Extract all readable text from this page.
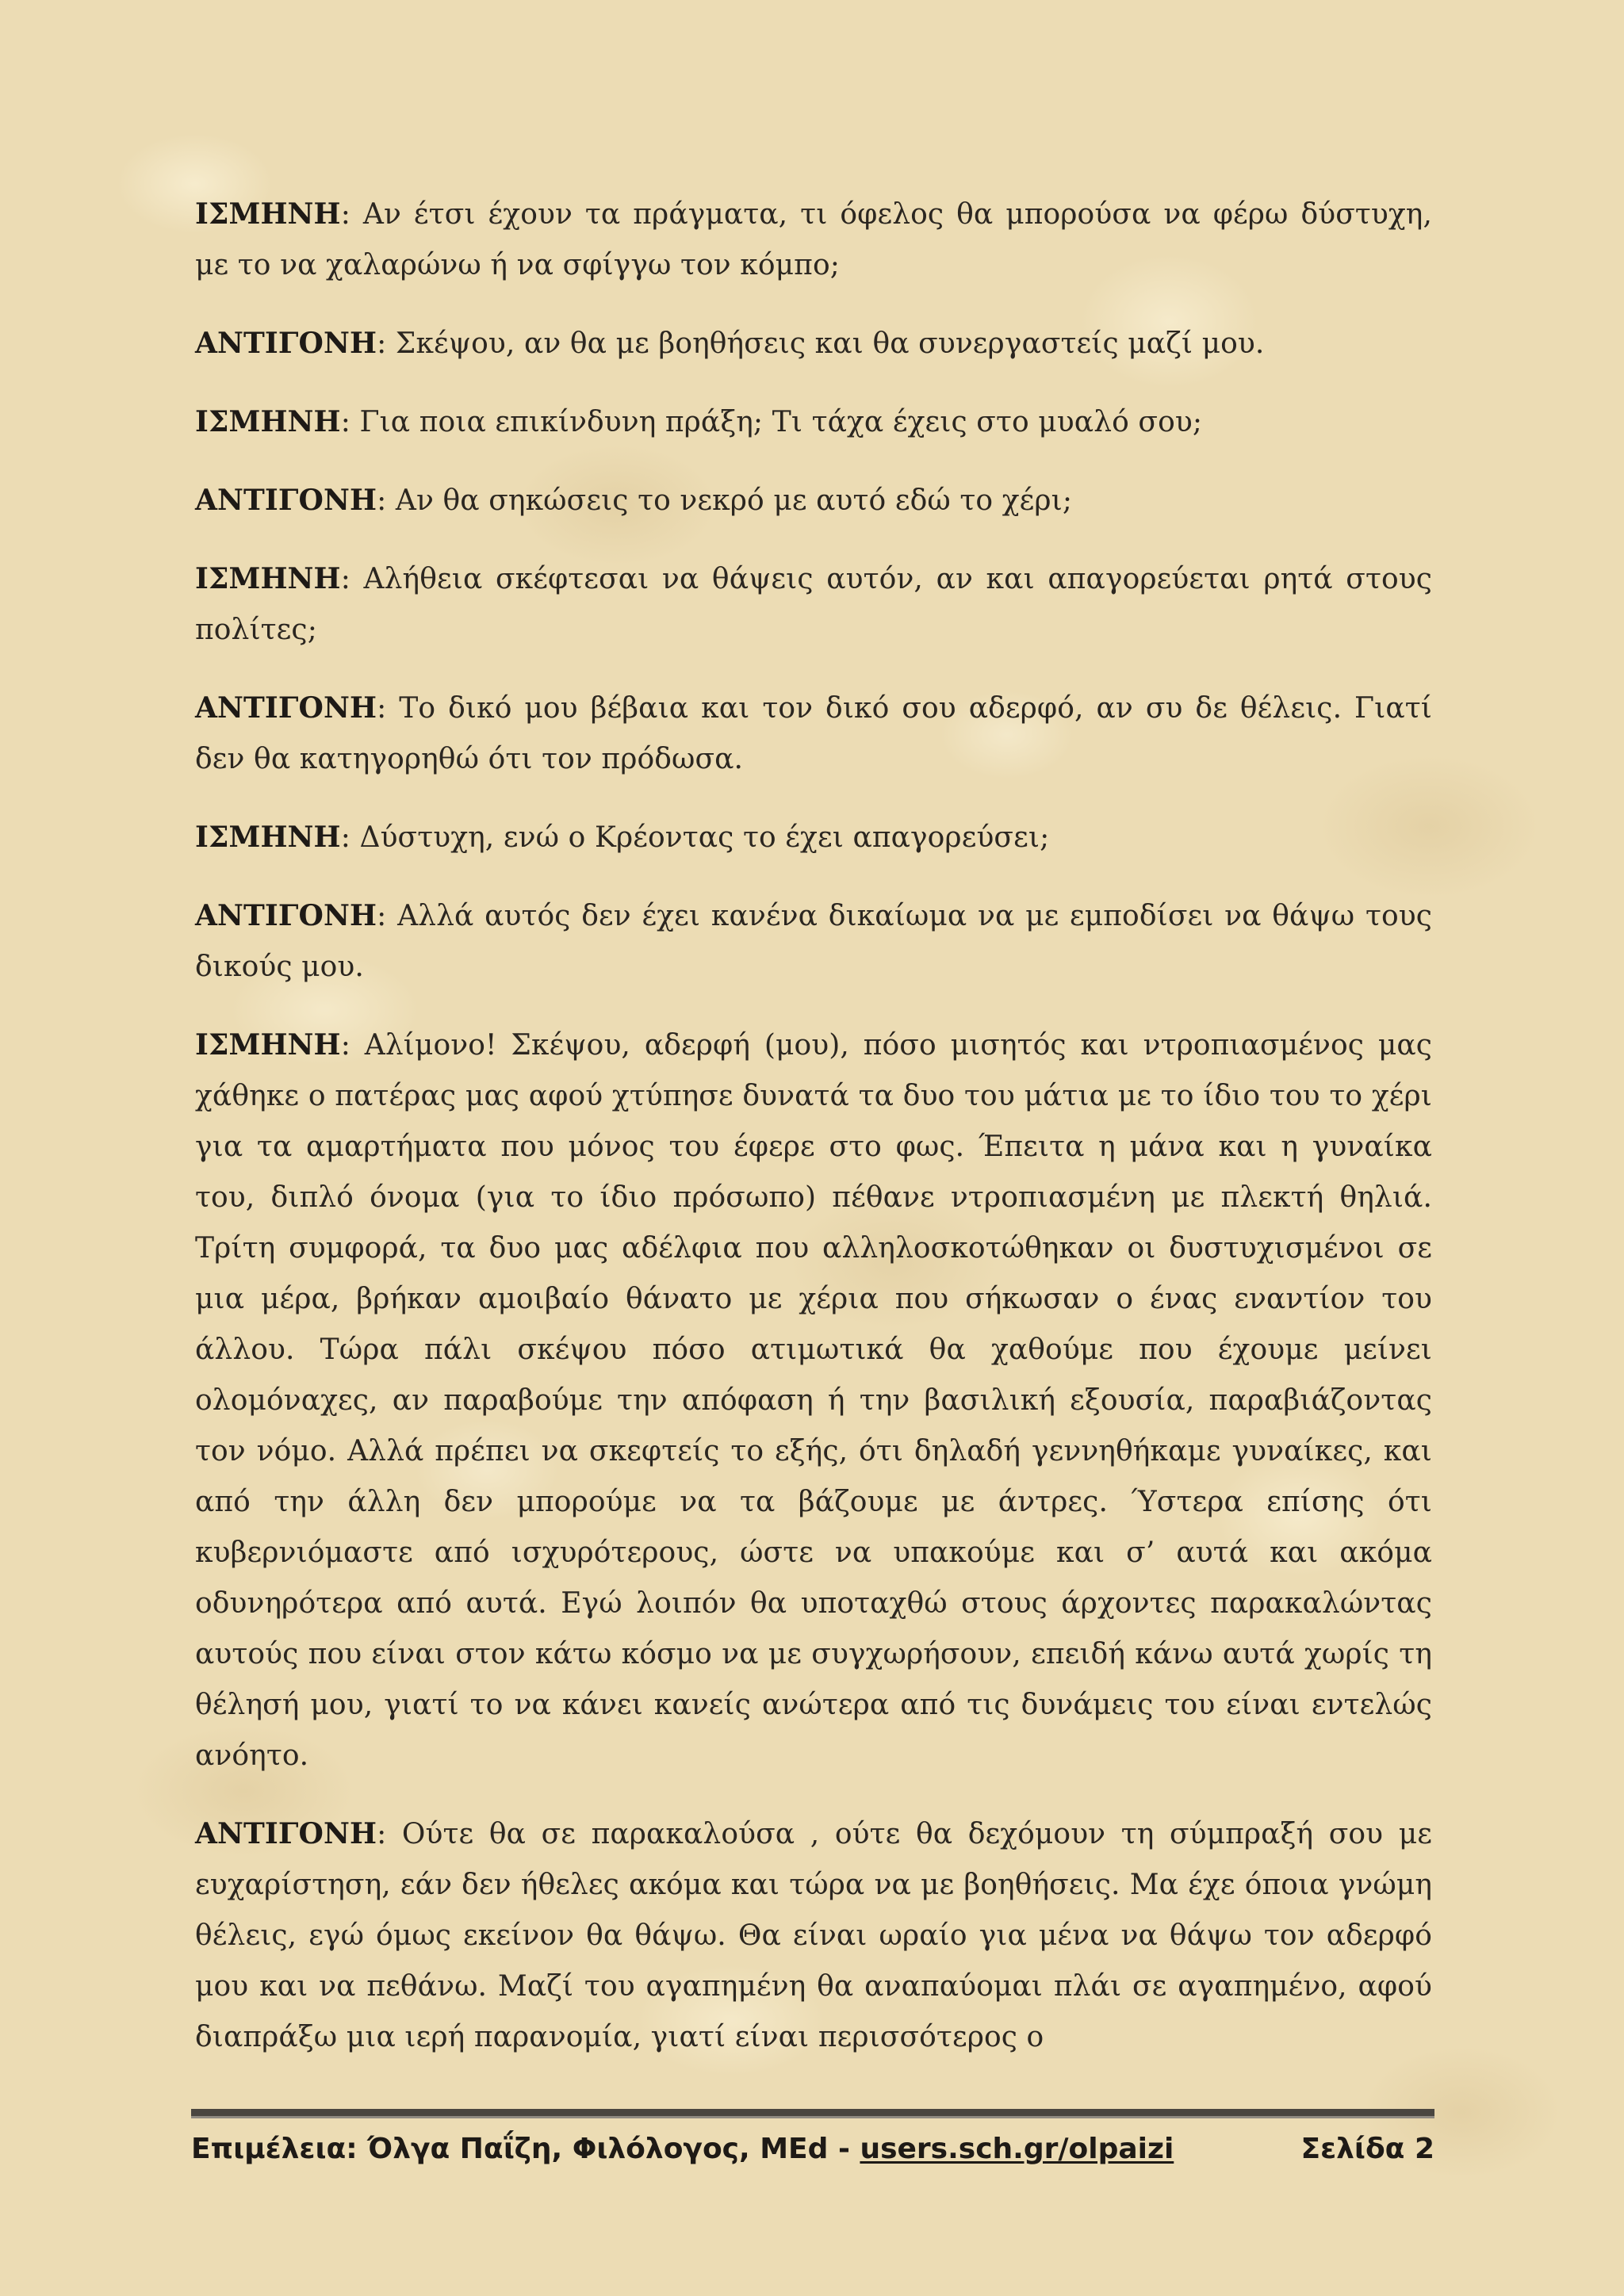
ΙΣΜΗΝΗ: Αν έτσι έχουν τα πράγματα, τι όφελος θα μπορούσα να φέρω δύστυχη, με το να χαλαρώνω ή να σφίγγω τον κόμπο;

ΑΝΤΙΓΟΝΗ: Σκέψου, αν θα με βοηθήσεις και θα συνεργαστείς μαζί μου.

ΙΣΜΗΝΗ: Για ποια επικίνδυνη πράξη; Τι τάχα έχεις στο μυαλό σου;

ΑΝΤΙΓΟΝΗ: Αν θα σηκώσεις το νεκρό με αυτό εδώ το χέρι;

ΙΣΜΗΝΗ: Αλήθεια σκέφτεσαι να θάψεις αυτόν, αν και απαγορεύεται ρητά στους πολίτες;

ΑΝΤΙΓΟΝΗ: Το δικό μου βέβαια και τον δικό σου αδερφό, αν συ δε θέλεις. Γιατί δεν θα κατηγορηθώ ότι τον πρόδωσα.

ΙΣΜΗΝΗ: Δύστυχη, ενώ ο Κρέοντας το έχει απαγορεύσει;

ΑΝΤΙΓΟΝΗ: Αλλά αυτός δεν έχει κανένα δικαίωμα να με εμποδίσει να θάψω τους δικούς μου.

ΙΣΜΗΝΗ: Αλίμονο! Σκέψου, αδερφή (μου), πόσο μισητός και ντροπιασμένος μας χάθηκε ο πατέρας μας αφού χτύπησε δυνατά τα δυο του μάτια με το ίδιο του το χέρι για τα αμαρτήματα που μόνος του έφερε στο φως. Έπειτα η μάνα και η γυναίκα του, διπλό όνομα (για το ίδιο πρόσωπο) πέθανε ντροπιασμένη με πλεκτή θηλιά. Τρίτη συμφορά, τα δυο μας αδέλφια που αλληλοσκοτώθηκαν οι δυστυχισμένοι σε μια μέρα, βρήκαν αμοιβαίο θάνατο με χέρια που σήκωσαν ο ένας εναντίον του άλλου. Τώρα πάλι σκέψου πόσο ατιμωτικά θα χαθούμε που έχουμε μείνει ολομόναχες, αν παραβούμε την απόφαση ή την βασιλική εξουσία, παραβιάζοντας τον νόμο. Αλλά πρέπει να σκεφτείς το εξής, ότι δηλαδή γεννηθήκαμε γυναίκες, και από την άλλη δεν μπορούμε να τα βάζουμε με άντρες. Ύστερα επίσης ότι κυβερνιόμαστε από ισχυρότερους, ώστε να υπακούμε και σ’ αυτά και ακόμα οδυνηρότερα από αυτά. Εγώ λοιπόν θα υποταχθώ στους άρχοντες παρακαλώντας αυτούς που είναι στον κάτω κόσμο να με συγχωρήσουν, επειδή κάνω αυτά χωρίς τη θέλησή μου, γιατί το να κάνει κανείς ανώτερα από τις δυνάμεις του είναι εντελώς ανόητο.

ΑΝΤΙΓΟΝΗ: Ούτε θα σε παρακαλούσα , ούτε θα δεχόμουν τη σύμπραξή σου με ευχαρίστηση, εάν δεν ήθελες ακόμα και τώρα να με βοηθήσεις. Μα έχε όποια γνώμη θέλεις, εγώ όμως εκείνον θα θάψω. Θα είναι ωραίο για μένα να θάψω τον αδερφό μου και να πεθάνω. Μαζί του αγαπημένη θα αναπαύομαι πλάι σε αγαπημένο, αφού διαπράξω μια ιερή παρανομία, γιατί είναι περισσότερος ο

Επιμέλεια: Όλγα Παΐζη, Φιλόλογος, MEd - users.sch.gr/olpaizi	Σελίδα 2
